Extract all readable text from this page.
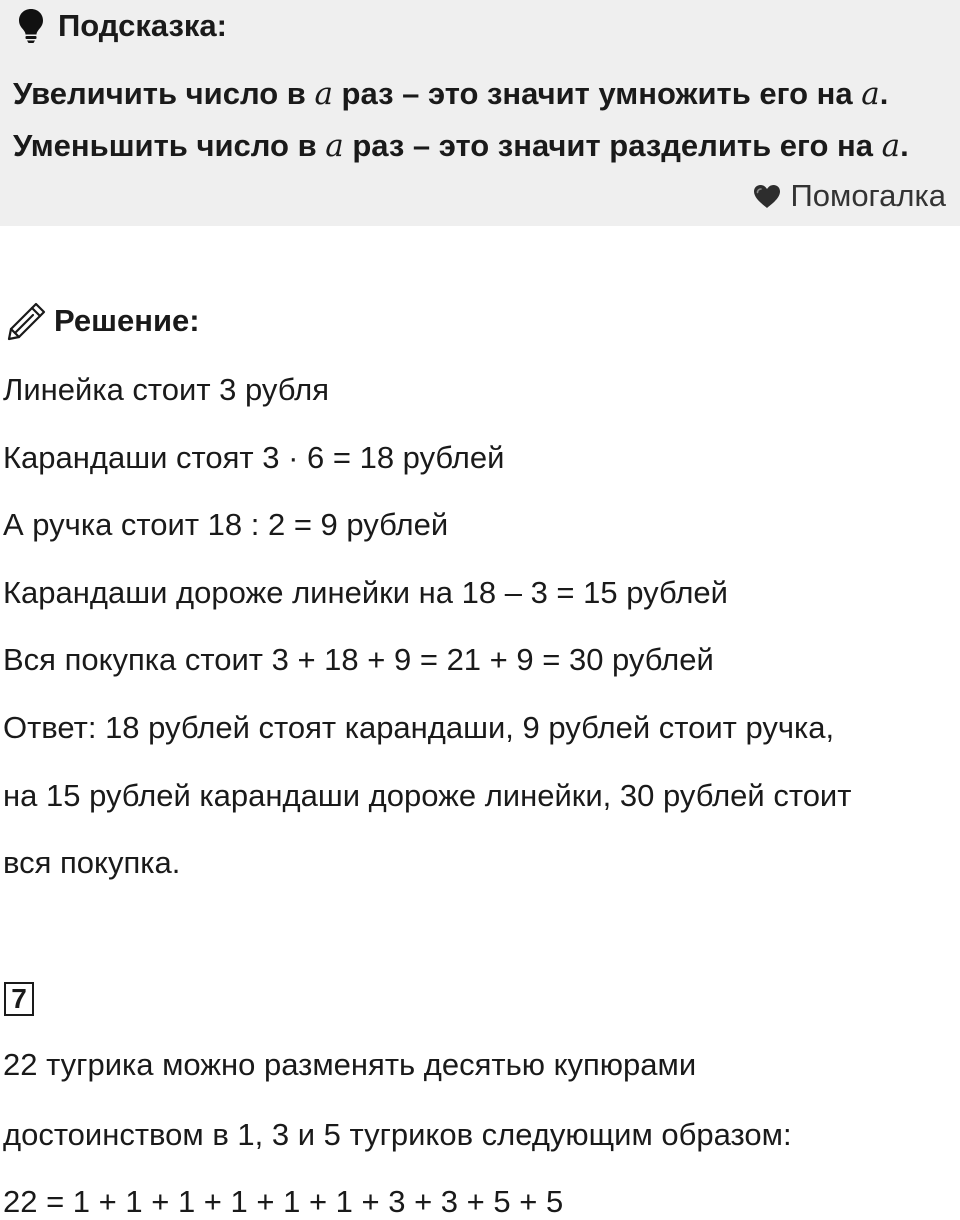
Подсказка:
Увеличить число в 𝑎 раз – это значит умножить его на 𝑎.
Уменьшить число в 𝑎 раз – это значит разделить его на 𝑎.
Помогалка
Решение:
Линейка стоит 3 рубля
Карандаши стоят 3 · 6 = 18 рублей
А ручка стоит 18 : 2 = 9 рублей
Карандаши дороже линейки на 18 – 3 = 15 рублей
Вся покупка стоит 3 + 18 + 9 = 21 + 9 = 30 рублей
Ответ: 18 рублей стоят карандаши, 9 рублей стоит ручка,
на 15 рублей карандаши дороже линейки, 30 рублей стоит
вся покупка.
7
22 тугрика можно разменять десятью купюрами
достоинством в 1, 3 и 5 тугриков следующим образом:
22 = 1 + 1 + 1 + 1 + 1 + 1 + 3 + 3 + 5 + 5
